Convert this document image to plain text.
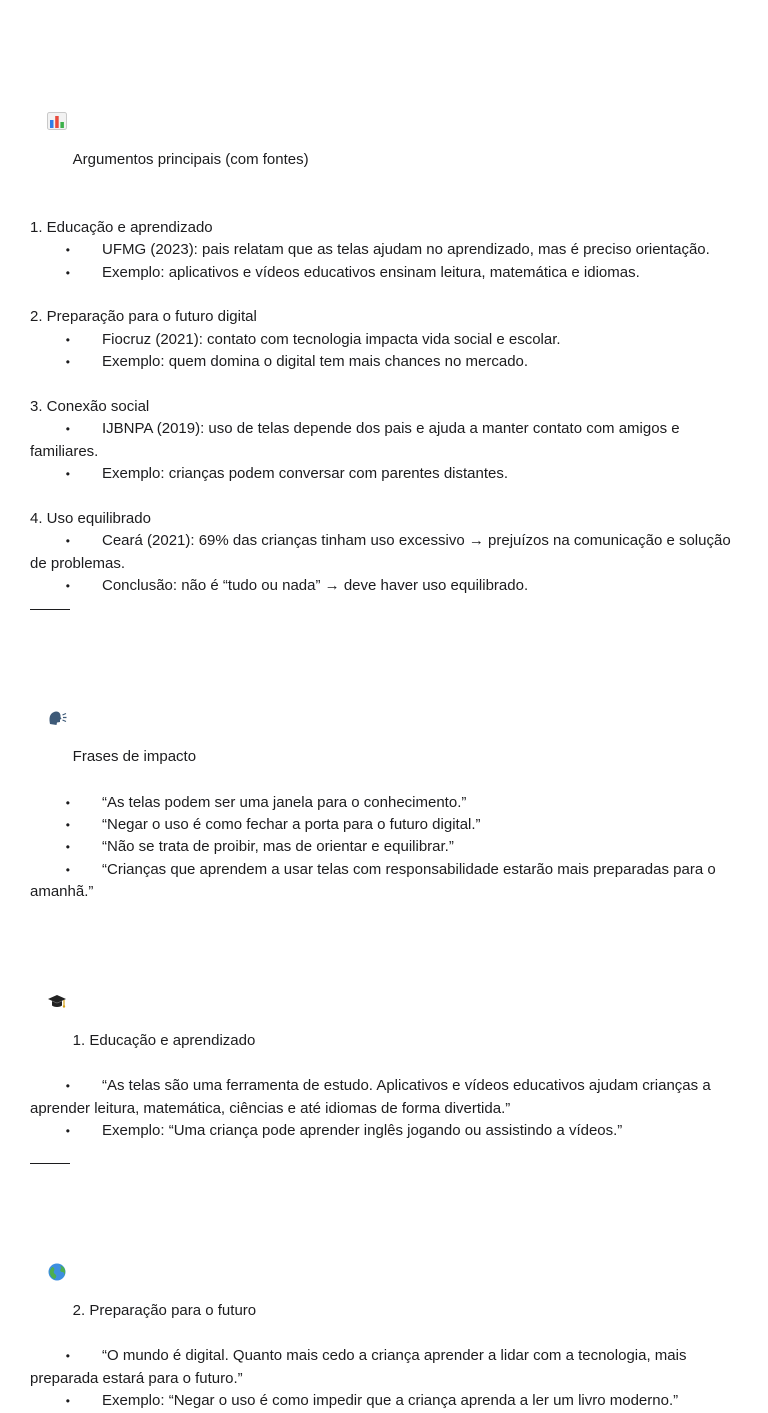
Argumentos principais (com fontes)

1. Educação e aprendizado
• UFMG (2023): pais relatam que as telas ajudam no aprendizado, mas é preciso orientação.
• Exemplo: aplicativos e vídeos educativos ensinam leitura, matemática e idiomas.
2. Preparação para o futuro digital
• Fiocruz (2021): contato com tecnologia impacta vida social e escolar.
• Exemplo: quem domina o digital tem mais chances no mercado.
3. Conexão social
• IJBNPA (2019): uso de telas depende dos pais e ajuda a manter contato com amigos e familiares.
• Exemplo: crianças podem conversar com parentes distantes.
4. Uso equilibrado
• Ceará (2021): 69% das crianças tinham uso excessivo → prejuízos na comunicação e solução de problemas.
• Conclusão: não é “tudo ou nada” → deve haver uso equilibrado.

Frases de impacto

• “As telas podem ser uma janela para o conhecimento.”
• “Negar o uso é como fechar a porta para o futuro digital.”
• “Não se trata de proibir, mas de orientar e equilibrar.”
• “Crianças que aprendem a usar telas com responsabilidade estarão mais preparadas para o amanhã.”

1. Educação e aprendizado

• “As telas são uma ferramenta de estudo. Aplicativos e vídeos educativos ajudam crianças a aprender leitura, matemática, ciências e até idiomas de forma divertida.”
• Exemplo: “Uma criança pode aprender inglês jogando ou assistindo a vídeos.”

2. Preparação para o futuro

• “O mundo é digital. Quanto mais cedo a criança aprender a lidar com a tecnologia, mais preparada estará para o futuro.”
• Exemplo: “Negar o uso é como impedir que a criança aprenda a ler um livro moderno.”
